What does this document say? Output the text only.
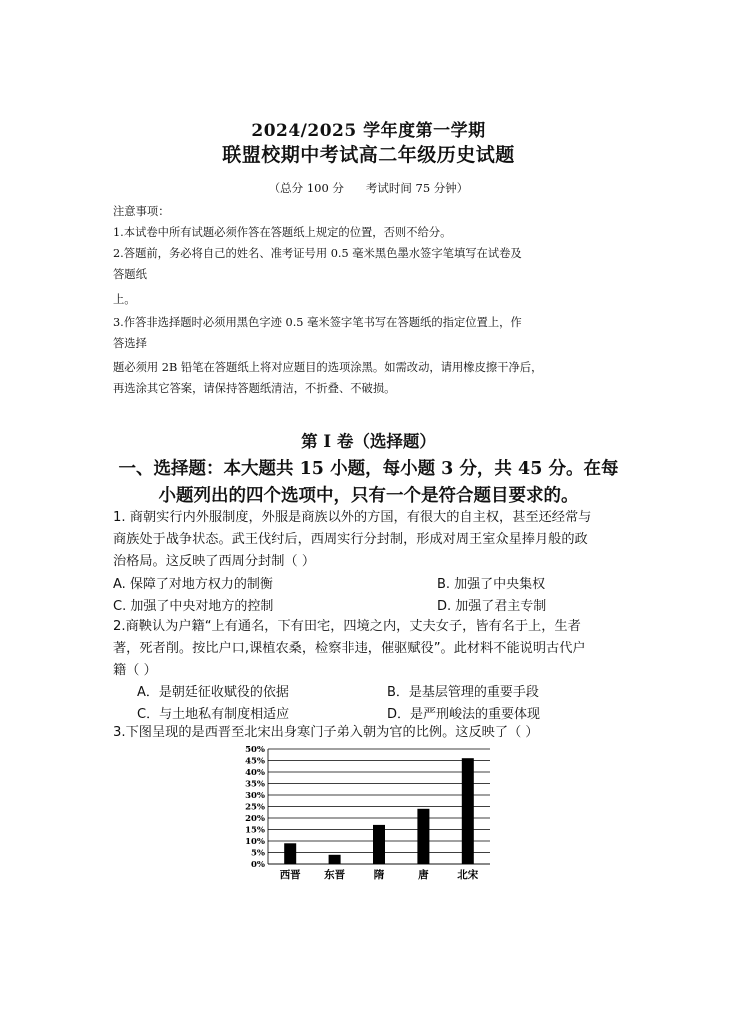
2024/2025 学年度第一学期
联盟校期中考试高二年级历史试题
（总分 100 分      考试时间 75 分钟）
注意事项：
1.本试卷中所有试题必须作答在答题纸上规定的位置，否则不给分。
2.答题前，务必将自己的姓名、准考证号用 0.5 毫米黑色墨水签字笔填写在试卷及
答题纸
上。
3.作答非选择题时必须用黑色字迹 0.5 毫米签字笔书写在答题纸的指定位置上，作
答选择
题必须用 2B 铅笔在答题纸上将对应题目的选项涂黑。如需改动，请用橡皮擦干净后，
再选涂其它答案，请保持答题纸清洁，不折叠、不破损。
第 I 卷（选择题）
一、选择题：本大题共 15 小题，每小题 3 分，共 45 分。在每
小题列出的四个选项中，只有一个是符合题目要求的。
1. 商朝实行内外服制度，外服是商族以外的方国，有很大的自主权，甚至还经常与
商族处于战争状态。武王伐纣后，西周实行分封制，形成对周王室众星捧月般的政
治格局。这反映了西周分封制（ ）
A. 保障了对地方权力的制衡	B. 加强了中央集权
C. 加强了中央对地方的控制	D. 加强了君主专制
2.商鞅认为户籍“上有通名，下有田宅，四境之内，丈夫女子，皆有名于上，生者
著，死者削。按比户口,课植农桑，检察非违，催驱赋役”。此材料不能说明古代户
籍（ ）
A．是朝廷征收赋役的依据	B．是基层管理的重要手段
C．与土地私有制度相适应	D．是严刑峻法的重要体现
3.下图呈现的是西晋至北宋出身寒门子弟入朝为官的比例。这反映了（ ）
0%
5%
10%
15%
20%
25%
30%
35%
40%
45%
50%
西晋 东晋	隋	唐	北宋
